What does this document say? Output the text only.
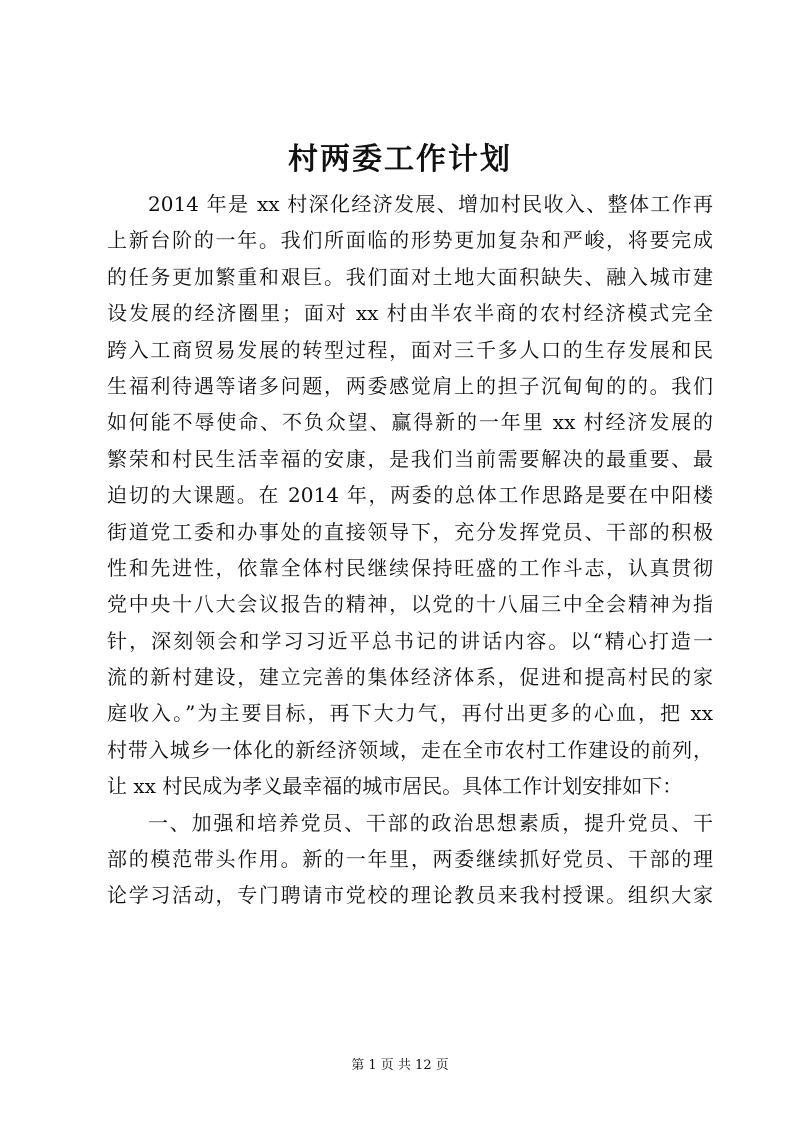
村两委工作计划
2014 年是 xx 村深化经济发展、增加村民收入、整体工作再
上新台阶的一年。我们所面临的形势更加复杂和严峻，将要完成
的任务更加繁重和艰巨。我们面对土地大面积缺失、融入城市建
设发展的经济圈里；面对 xx 村由半农半商的农村经济模式完全
跨入工商贸易发展的转型过程，面对三千多人口的生存发展和民
生福利待遇等诸多问题，两委感觉肩上的担子沉甸甸的的。我们
如何能不辱使命、不负众望、赢得新的一年里 xx 村经济发展的
繁荣和村民生活幸福的安康，是我们当前需要解决的最重要、最
迫切的大课题。在 2014 年，两委的总体工作思路是要在中阳楼
街道党工委和办事处的直接领导下，充分发挥党员、干部的积极
性和先进性，依靠全体村民继续保持旺盛的工作斗志，认真贯彻
党中央十八大会议报告的精神，以党的十八届三中全会精神为指
针，深刻领会和学习习近平总书记的讲话内容。以“精心打造一
流的新村建设，建立完善的集体经济体系，促进和提高村民的家
庭收入。”为主要目标，再下大力气，再付出更多的心血，把 xx
村带入城乡一体化的新经济领域，走在全市农村工作建设的前列，
让 xx 村民成为孝义最幸福的城市居民。具体工作计划安排如下：
一、加强和培养党员、干部的政治思想素质，提升党员、干
部的模范带头作用。新的一年里，两委继续抓好党员、干部的理
论学习活动，专门聘请市党校的理论教员来我村授课。组织大家
第 1 页 共 12 页
